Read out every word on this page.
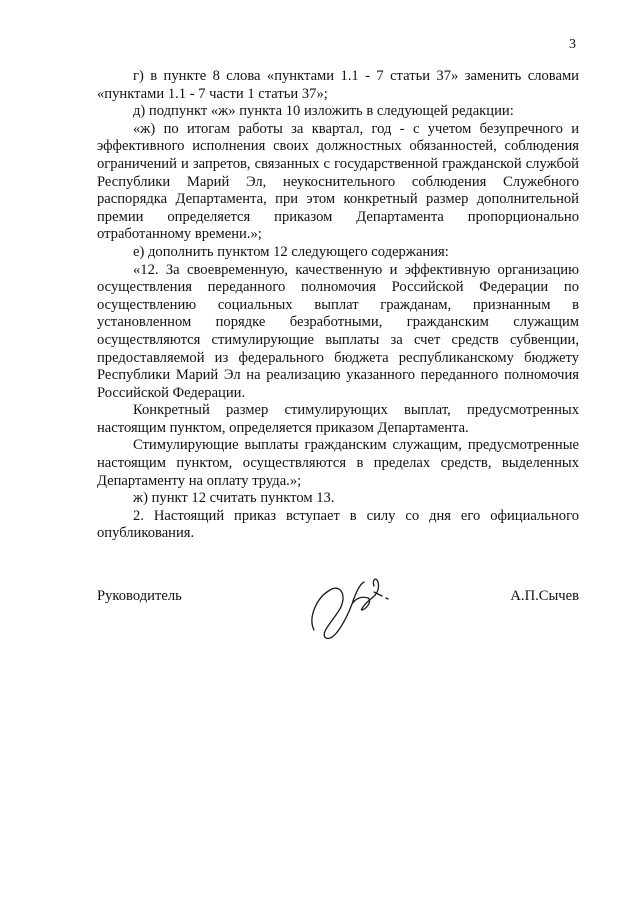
3

г) в пункте 8 слова «пунктами 1.1 - 7 статьи 37» заменить словами «пунктами 1.1 - 7 части 1 статьи 37»;

д) подпункт «ж» пункта 10 изложить в следующей редакции:

«ж) по итогам работы за квартал, год - с учетом безупречного и эффективного исполнения своих должностных обязанностей, соблюдения ограничений и запретов, связанных с государственной гражданской службой Республики Марий Эл, неукоснительного соблюдения Служебного распорядка Департамента, при этом конкретный размер дополнительной премии определяется приказом Департамента пропорционально отработанному времени.»;

е) дополнить пунктом 12 следующего содержания:

«12. За своевременную, качественную и эффективную организацию осуществления переданного полномочия Российской Федерации по осуществлению социальных выплат гражданам, признанным в установленном порядке безработными, гражданским служащим осуществляются стимулирующие выплаты за счет средств субвенции, предоставляемой из федерального бюджета республиканскому бюджету Республики Марий Эл на реализацию указанного переданного полномочия Российской Федерации.

Конкретный размер стимулирующих выплат, предусмотренных настоящим пунктом, определяется приказом Департамента.

Стимулирующие выплаты гражданским служащим, предусмотренные настоящим пунктом, осуществляются в пределах средств, выделенных Департаменту на оплату труда.»;

ж) пункт 12 считать пунктом 13.

2. Настоящий приказ вступает в силу со дня его официального опубликования.

Руководитель	А.П.Сычев
